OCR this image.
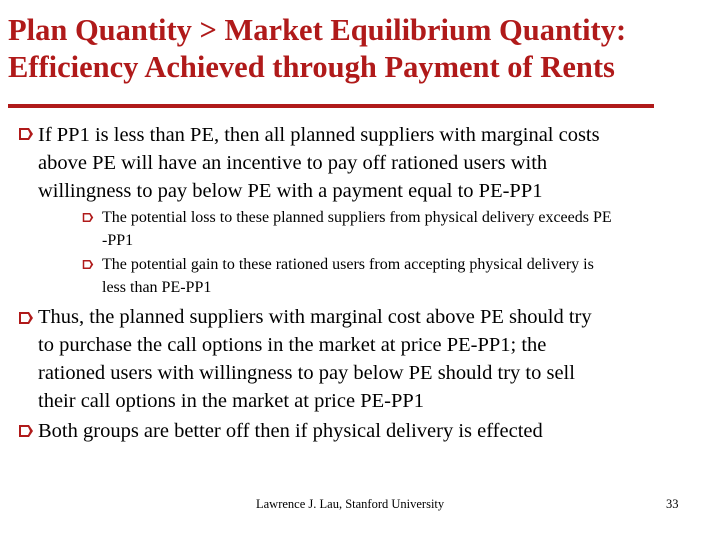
Plan Quantity > Market Equilibrium Quantity:
Efficiency Achieved through Payment of Rents
If PP1 is less than PE, then all planned suppliers with marginal costs
above PE will have an incentive to pay off rationed users with
willingness to pay below PE with a payment equal to PE-PP1
The potential loss to these planned suppliers from physical delivery exceeds PE
-PP1
The potential gain to these rationed users from accepting physical delivery is
less than PE-PP1
Thus, the planned suppliers with marginal cost above PE should try
to purchase the call options in the market at price PE-PP1; the
rationed users with willingness to pay below PE should try to sell
their call options in the market at price PE-PP1
Both groups are better off then if physical delivery is effected
Lawrence J. Lau, Stanford University	33
